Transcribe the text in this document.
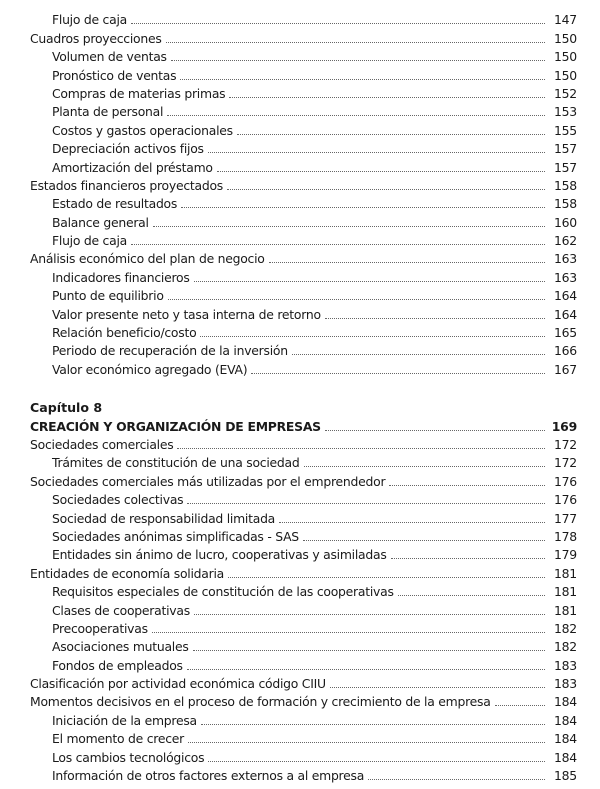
Flujo de caja	147
Cuadros proyecciones	150
Volumen de ventas	150
Pronóstico de ventas	150
Compras de materias primas	152
Planta de personal	153
Costos y gastos operacionales	155
Depreciación activos fijos	157
Amortización del préstamo	157
Estados financieros proyectados	158
Estado de resultados	158
Balance general	160
Flujo de caja	162
Análisis económico del plan de negocio	163
Indicadores financieros	163
Punto de equilibrio	164
Valor presente neto y tasa interna de retorno	164
Relación beneficio/costo	165
Periodo de recuperación de la inversión	166
Valor económico agregado (EVA)	167
Capítulo 8
CREACIÓN Y ORGANIZACIÓN DE EMPRESAS	169
Sociedades comerciales	172
Trámites de constitución de una sociedad	172
Sociedades comerciales más utilizadas por el emprendedor	176
Sociedades colectivas	176
Sociedad de responsabilidad limitada	177
Sociedades anónimas simplificadas - SAS	178
Entidades sin ánimo de lucro, cooperativas y asimiladas	179
Entidades de economía solidaria	181
Requisitos especiales de constitución de las cooperativas	181
Clases de cooperativas	181
Precooperativas	182
Asociaciones mutuales	182
Fondos de empleados	183
Clasificación por actividad económica código CIIU	183
Momentos decisivos en el proceso de formación y crecimiento de la empresa	184
Iniciación de la empresa	184
El momento de crecer	184
Los cambios tecnológicos	184
Información de otros factores externos a al empresa	185
